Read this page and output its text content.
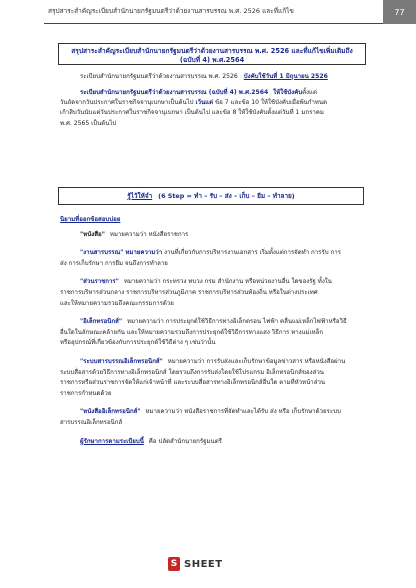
สรุปสาระสำคัญระเบียบสำนักนายกรัฐมนตรีว่าด้วยงานสารบรรณ พ.ศ. 2526 และที่แก้ไข	77
สรุปสาระสำคัญระเบียบสำนักนายกรัฐมนตรีว่าด้วยงานสารบรรณ พ.ศ. 2526 และที่แก้ไขเพิ่มเติมถึง
(ฉบับที่ 4) พ.ศ.2564
ระเบียบสำนักนายกรัฐมนตรีว่าด้วยงานสารบรรณ พ.ศ. 2526 บังคับใช้วันที่ 1 มิถุนายน 2526
ระเบียบสำนักนายกรัฐมนตรีว่าด้วยงานสารบรรณ (ฉบับที่ 4) พ.ศ.2564 ให้ใช้บังคับตั้งแต่
วันถัดจากวันประกาศในราชกิจจานุเบกษาเป็นต้นไป เว้นแต่ ข้อ 7 และข้อ 10 ให้ใช้บังคับเมื่อพ้นกำหนด
เก้าสิบวันนับแต่วันประกาศในราชกิจจานุเบกษา เป็นต้นไป และข้อ 8 ให้ใช้บังคับตั้งแต่วันที่ 1 มกราคม
พ.ศ. 2565 เป็นต้นไป
รู้ไว้ให้จำ (6 Step = ทำ – รับ – ส่ง – เก็บ – ยืม – ทำลาย)
นิยามที่ออกข้อสอบบ่อย
"หนังสือ" หมายความว่า หนังสือราชการ
"งานสารบรรณ" หมายความว่า งานที่เกี่ยวกับการบริหารงานเอกสาร เริ่มตั้งแต่การจัดทำ การรับ การ
ส่ง การเก็บรักษา การยืม จนถึงการทำลาย
"ส่วนราชการ" หมายความว่า กระทรวง ทบวง กรม สำนักงาน หรือหน่วยงานอื่น ใดของรัฐ ทั้งใน
ราชการบริหารส่วนกลาง ราชการบริหารส่วนภูมิภาค ราชการบริหารส่วนท้องถิ่น หรือในต่างประเทศ
และให้หมายความรวมถึงคณะกรรมการด้วย
"อิเล็กทรอนิกส์" หมายความว่า การประยุกต์ใช้วิธีการทางอิเล็กตรอน ไฟฟ้า คลื่นแม่เหล็กไฟฟ้าหรือวิธี
อื่นใดในลักษณะคล้ายกัน และให้หมายความรวมถึงการประยุกต์ใช้วิธีการทางแสง วิธีการ ทางแม่เหล็ก
หรืออุปกรณ์ที่เกี่ยวข้องกับการประยุกต์ใช้วิธีต่าง ๆ เช่นว่านั้น
"ระบบสารบรรณอิเล็กทรอนิกส์" หมายความว่า การรับส่งและเก็บรักษาข้อมูลข่าวสาร หรือหนังสือผ่าน
ระบบสื่อสารด้วยวิธีการทางอิเล็กทรอนิกส์ โดยรวมถึงการรับส่งโดยใช้โปรแกรม อิเล็กทรอนิกส์ของส่วน
ราชการหรือส่วนราชการจัดให้แก่เจ้าหน้าที่ และระบบสื่อสารทางอิเล็กทรอนิกส์อื่นใด ตามที่หัวหน้าส่วน
ราชการกำหนดด้วย
"หนังสืออิเล็กทรอนิกส์" หมายความว่า หนังสือราชการที่จัดทำและได้รับ ส่ง หรือ เก็บรักษาด้วยระบบ
สารบรรณอิเล็กทรอนิกส์
ผู้รักษาการตามระเบียบนี้ คือ ปลัดสำนักนายกรัฐมนตรี
S SHEET
